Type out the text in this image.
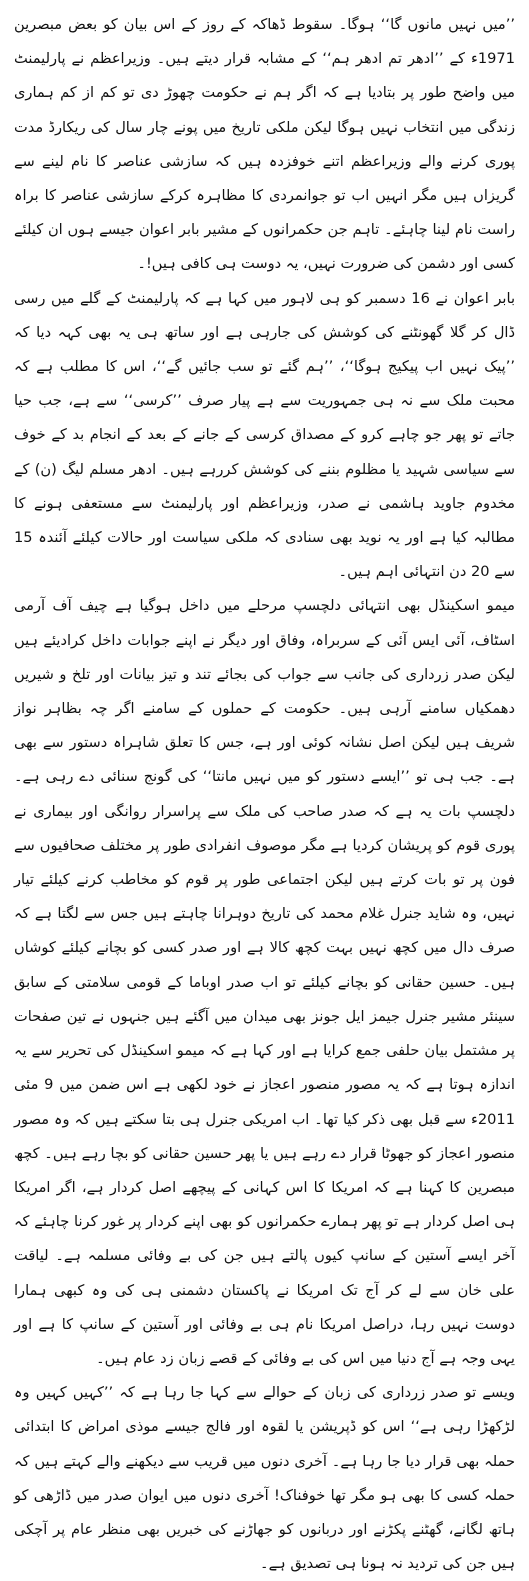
’’میں نہیں مانوں گا‘‘ ہوگا۔ سقوط ڈھاکہ کے روز کے اس بیان کو بعض مبصرین 1971ء کے ’’ادھر تم ادھر ہم‘‘ کے مشابہ قرار دیتے ہیں۔ وزیراعظم نے پارلیمنٹ میں واضح طور پر بتادیا ہے کہ اگر ہم نے حکومت چھوڑ دی تو کم از کم ہماری زندگی میں انتخاب نہیں ہوگا لیکن ملکی تاریخ میں پونے چار سال کی ریکارڈ مدت پوری کرنے والے وزیراعظم اتنے خوفزدہ ہیں کہ سازشی عناصر کا نام لینے سے گریزاں ہیں مگر انہیں اب تو جوانمردی کا مظاہرہ کرکے سازشی عناصر کا براہ راست نام لینا چاہئے۔ تاہم جن حکمرانوں کے مشیر بابر اعوان جیسے ہوں ان کیلئے کسی اور دشمن کی ضرورت نہیں، یہ دوست ہی کافی ہیں!۔

بابر اعوان نے 16 دسمبر کو ہی لاہور میں کہا ہے کہ پارلیمنٹ کے گلے میں رسی ڈال کر گلا گھونٹنے کی کوشش کی جارہی ہے اور ساتھ ہی یہ بھی کہہ دیا کہ ’’پیک نہیں اب پیکیج ہوگا‘‘، ’’ہم گئے تو سب جائیں گے‘‘، اس کا مطلب ہے کہ محبت ملک سے نہ ہی جمہوریت سے ہے پیار صرف ’’کرسی‘‘ سے ہے، جب حیا جاتے تو پھر جو چاہے کرو کے مصداق کرسی کے جانے کے بعد کے انجام بد کے خوف سے سیاسی شہید یا مظلوم بننے کی کوشش کررہے ہیں۔ ادھر مسلم لیگ (ن) کے مخدوم جاوید ہاشمی نے صدر، وزیراعظم اور پارلیمنٹ سے مستعفی ہونے کا مطالبہ کیا ہے اور یہ نوید بھی سنادی کہ ملکی سیاست اور حالات کیلئے آئندہ 15 سے 20 دن انتہائی اہم ہیں۔

میمو اسکینڈل بھی انتہائی دلچسپ مرحلے میں داخل ہوگیا ہے چیف آف آرمی اسٹاف، آئی ایس آئی کے سربراہ، وفاق اور دیگر نے اپنے جوابات داخل کرادیئے ہیں لیکن صدر زرداری کی جانب سے جواب کی بجائے تند و تیز بیانات اور تلخ و شیریں دھمکیاں سامنے آرہی ہیں۔ حکومت کے حملوں کے سامنے اگر چہ بظاہر نواز شریف ہیں لیکن اصل نشانہ کوئی اور ہے، جس کا تعلق شاہراہ دستور سے بھی ہے۔ جب ہی تو ’’ایسے دستور کو میں نہیں مانتا‘‘ کی گونج سنائی دے رہی ہے۔ دلچسپ بات یہ ہے کہ صدر صاحب کی ملک سے پراسرار روانگی اور بیماری نے پوری قوم کو پریشان کردیا ہے مگر موصوف انفرادی طور پر مختلف صحافیوں سے فون پر تو بات کرتے ہیں لیکن اجتماعی طور پر قوم کو مخاطب کرنے کیلئے تیار نہیں، وہ شاید جنرل غلام محمد کی تاریخ دوہرانا چاہتے ہیں جس سے لگتا ہے کہ صرف دال میں کچھ نہیں بہت کچھ کالا ہے اور صدر کسی کو بچانے کیلئے کوشاں ہیں۔ حسین حقانی کو بچانے کیلئے تو اب صدر اوباما کے قومی سلامتی کے سابق سینئر مشیر جنرل جیمز ایل جونز بھی میدان میں آگئے ہیں جنہوں نے تین صفحات پر مشتمل بیان حلفی جمع کرایا ہے اور کہا ہے کہ میمو اسکینڈل کی تحریر سے یہ اندازہ ہوتا ہے کہ یہ مصور منصور اعجاز نے خود لکھی ہے اس ضمن میں 9 مئی 2011ء سے قبل بھی ذکر کیا تھا۔ اب امریکی جنرل ہی بتا سکتے ہیں کہ وہ مصور منصور اعجاز کو جھوٹا قرار دے رہے ہیں یا پھر حسین حقانی کو بچا رہے ہیں۔ کچھ مبصرین کا کہنا ہے کہ امریکا کا اس کہانی کے پیچھے اصل کردار ہے، اگر امریکا ہی اصل کردار ہے تو پھر ہمارے حکمرانوں کو بھی اپنے کردار پر غور کرنا چاہئے کہ آخر ایسے آستین کے سانپ کیوں پالتے ہیں جن کی بے وفائی مسلمہ ہے۔ لیاقت علی خان سے لے کر آج تک امریکا نے پاکستان دشمنی ہی کی وہ کبھی ہمارا دوست نہیں رہا، دراصل امریکا نام ہی بے وفائی اور آستین کے سانپ کا ہے اور یہی وجہ ہے آج دنیا میں اس کی بے وفائی کے قصے زبان زد عام ہیں۔

ویسے تو صدر زرداری کی زبان کے حوالے سے کہا جا رہا ہے کہ ’’کہیں کہیں وہ لڑکھڑا رہی ہے‘‘ اس کو ڈپریشن یا لقوہ اور فالج جیسے موذی امراض کا ابتدائی حملہ بھی قرار دیا جا رہا ہے۔ آخری دنوں میں قریب سے دیکھنے والے کہتے ہیں کہ حملہ کسی کا بھی ہو مگر تھا خوفناک! آخری دنوں میں ایوان صدر میں ڈاڑھی کو ہاتھ لگانے، گھٹنے پکڑنے اور دربانوں کو جھاڑنے کی خبریں بھی منظر عام پر آچکی ہیں جن کی تردید نہ ہونا ہی تصدیق ہے۔
